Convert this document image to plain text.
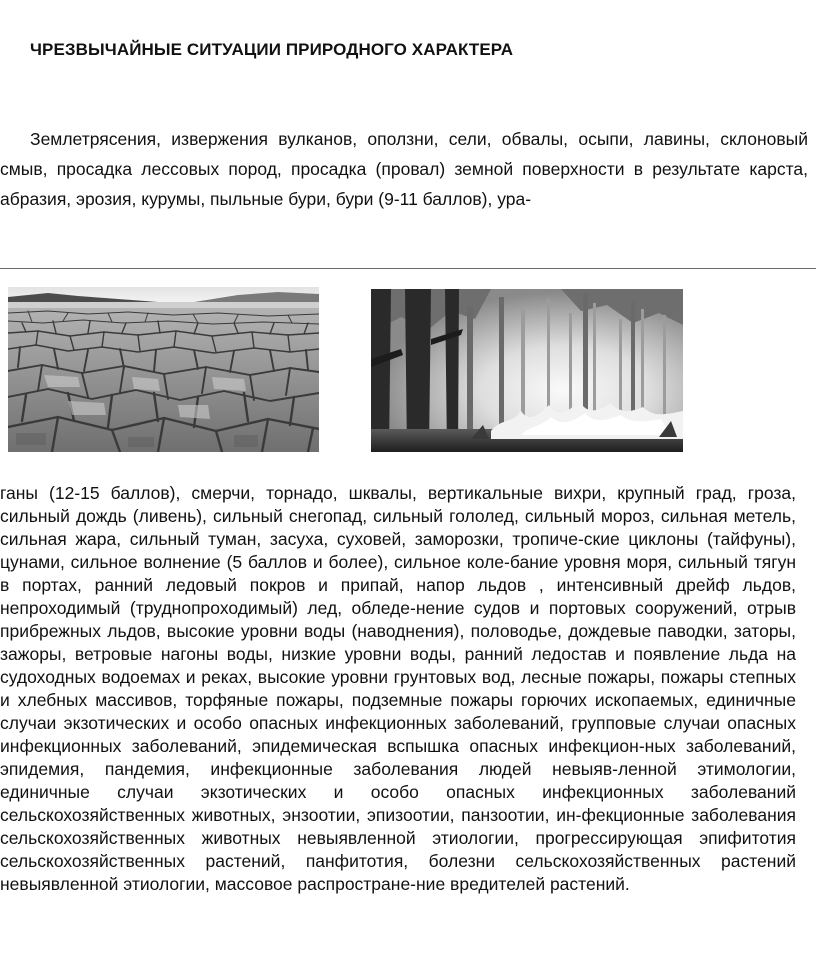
ЧРЕЗВЫЧАЙНЫЕ СИТУАЦИИ ПРИРОДНОГО ХАРАКТЕРА

Землетрясения, извержения вулканов, оползни, сели, обвалы, осыпи, лавины, склоновый смыв, просадка лессовых пород, просадка (провал) земной поверхности в результате карста, абразия, эрозия, курумы, пыльные бури, бури (9-11 баллов), ура-

ганы (12-15 баллов), смерчи, торнадо, шквалы, вертикальные вихри, крупный град, гроза, сильный дождь (ливень), сильный снегопад, сильный гололед, сильный мороз, сильная метель, сильная жара, сильный туман, засуха, суховей, заморозки, тропиче-ские циклоны (тайфуны), цунами, сильное волнение (5 баллов и более), сильное коле-бание уровня моря, сильный тягун в портах, ранний ледовый покров и припай, напор льдов , интенсивный дрейф льдов, непроходимый (труднопроходимый) лед, обледе-нение судов и портовых сооружений, отрыв прибрежных льдов, высокие уровни воды (наводнения), половодье, дождевые паводки, заторы, зажоры, ветровые нагоны воды, низкие уровни воды, ранний ледостав и появление льда на судоходных водоемах и реках, высокие уровни грунтовых вод, лесные пожары, пожары степных и хлебных массивов, торфяные пожары, подземные пожары горючих ископаемых, единичные случаи экзотических и особо опасных инфекционных заболеваний, групповые случаи опасных инфекционных заболеваний, эпидемическая вспышка опасных инфекцион-ных заболеваний, эпидемия, пандемия, инфекционные заболевания людей невыяв-ленной этимологии, единичные случаи экзотических и особо опасных инфекционных заболеваний сельскохозяйственных животных, энзоотии, эпизоотии, панзоотии, ин-фекционные заболевания сельскохозяйственных животных невыявленной этиологии, прогрессирующая эпифитотия сельскохозяйственных растений, панфитотия, болезни сельскохозяйственных растений невыявленной этиологии, массовое распростране-ние вредителей растений.
